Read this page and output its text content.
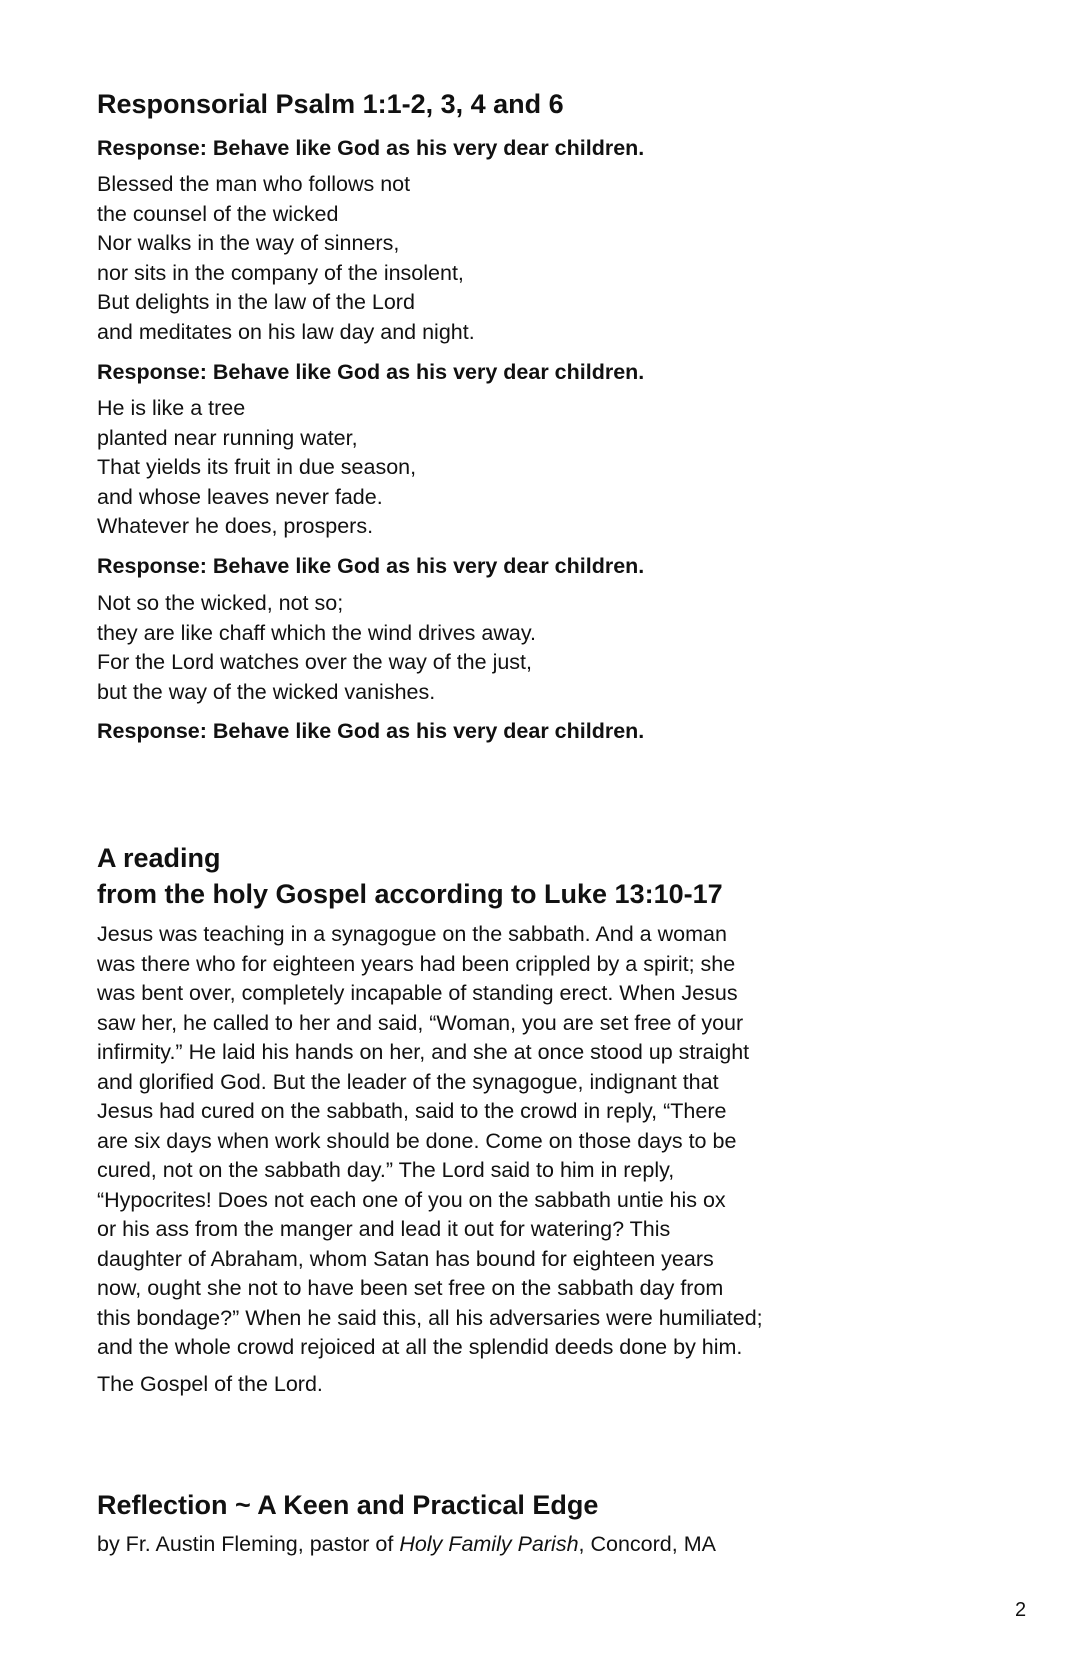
Responsorial Psalm 1:1-2, 3, 4 and 6
Response: Behave like God as his very dear children.
Blessed the man who follows not
the counsel of the wicked
Nor walks in the way of sinners,
nor sits in the company of the insolent,
But delights in the law of the Lord
and meditates on his law day and night.
Response: Behave like God as his very dear children.
He is like a tree
planted near running water,
That yields its fruit in due season,
and whose leaves never fade.
Whatever he does, prospers.
Response: Behave like God as his very dear children.
Not so the wicked, not so;
they are like chaff which the wind drives away.
For the Lord watches over the way of the just,
but the way of the wicked vanishes.
Response: Behave like God as his very dear children.
A reading
from the holy Gospel according to Luke 13:10-17
Jesus was teaching in a synagogue on the sabbath. And a woman
was there who for eighteen years had been crippled by a spirit; she
was bent over, completely incapable of standing erect. When Jesus
saw her, he called to her and said, “Woman, you are set free of your
infirmity.” He laid his hands on her, and she at once stood up straight
and glorified God. But the leader of the synagogue, indignant that
Jesus had cured on the sabbath, said to the crowd in reply, “There
are six days when work should be done. Come on those days to be
cured, not on the sabbath day.” The Lord said to him in reply,
“Hypocrites! Does not each one of you on the sabbath untie his ox
or his ass from the manger and lead it out for watering? This
daughter of Abraham, whom Satan has bound for eighteen years
now, ought she not to have been set free on the sabbath day from
this bondage?” When he said this, all his adversaries were humiliated;
and the whole crowd rejoiced at all the splendid deeds done by him.
The Gospel of the Lord.
Reflection ~ A Keen and Practical Edge
by Fr. Austin Fleming, pastor of Holy Family Parish, Concord, MA
2
